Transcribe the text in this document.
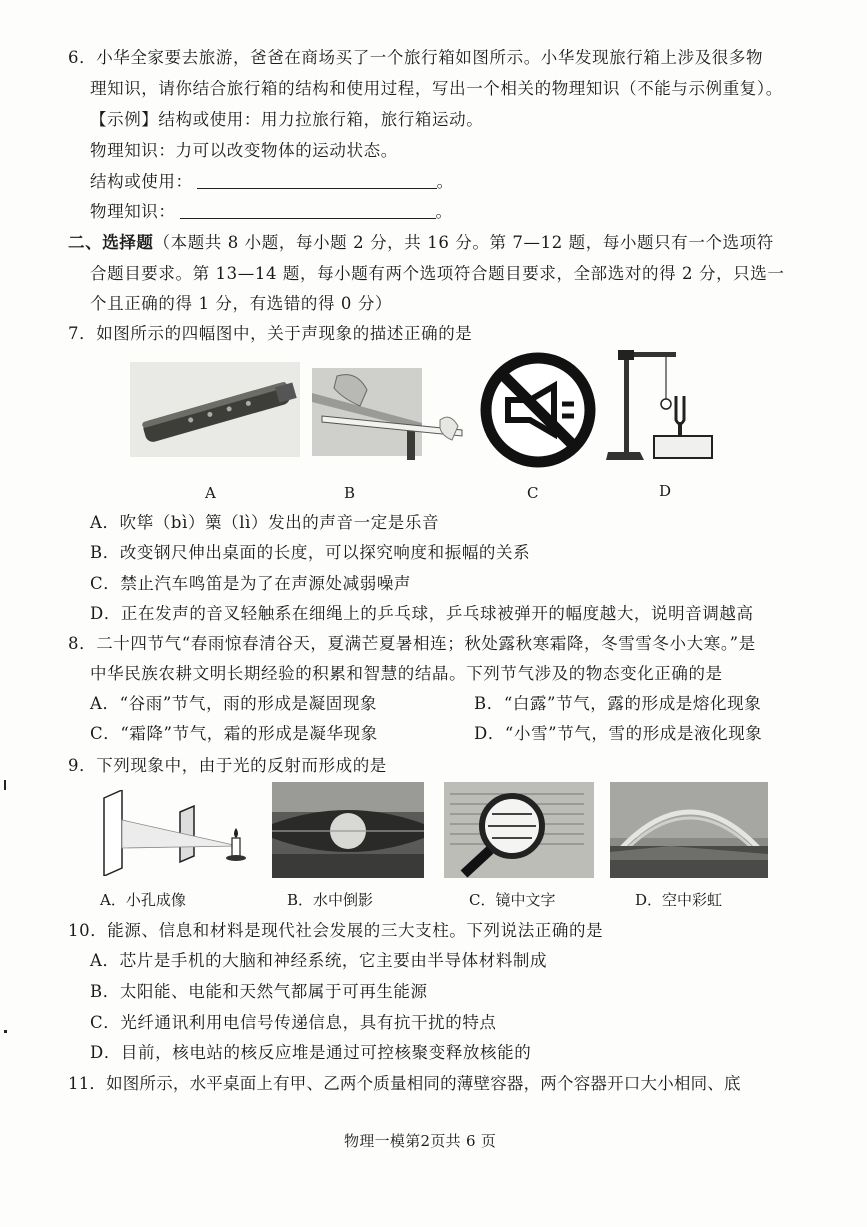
6．小华全家要去旅游，爸爸在商场买了一个旅行箱如图所示。小华发现旅行箱上涉及很多物
理知识，请你结合旅行箱的结构和使用过程，写出一个相关的物理知识（不能与示例重复）。
【示例】结构或使用：用力拉旅行箱，旅行箱运动。
物理知识：力可以改变物体的运动状态。
结构或使用：	。
物理知识：	。
二、选择题（本题共 8 小题，每小题 2 分，共 16 分。第 7—12 题，每小题只有一个选项符
合题目要求。第 13—14 题，每小题有两个选项符合题目要求，全部选对的得 2 分，只选一
个且正确的得 1 分，有选错的得 0 分）
7．如图所示的四幅图中，关于声现象的描述正确的是
A	B	C	D
A．吹筚（bì）篥（lì）发出的声音一定是乐音
B．改变钢尺伸出桌面的长度，可以探究响度和振幅的关系
C．禁止汽车鸣笛是为了在声源处减弱噪声
D．正在发声的音叉轻触系在细绳上的乒乓球，乒乓球被弹开的幅度越大，说明音调越高
8．二十四节气“春雨惊春清谷天，夏满芒夏暑相连；秋处露秋寒霜降，冬雪雪冬小大寒。”是
中华民族农耕文明长期经验的积累和智慧的结晶。下列节气涉及的物态变化正确的是
A．“谷雨”节气，雨的形成是凝固现象	B．“白露”节气，露的形成是熔化现象
C．“霜降”节气，霜的形成是凝华现象	D．“小雪”节气，雪的形成是液化现象
9．下列现象中，由于光的反射而形成的是
A．小孔成像	B．水中倒影	C．镜中文字	D．空中彩虹
10．能源、信息和材料是现代社会发展的三大支柱。下列说法正确的是
A．芯片是手机的大脑和神经系统，它主要由半导体材料制成
B．太阳能、电能和天然气都属于可再生能源
C．光纤通讯利用电信号传递信息，具有抗干扰的特点
D．目前，核电站的核反应堆是通过可控核聚变释放核能的
11．如图所示，水平桌面上有甲、乙两个质量相同的薄壁容器，两个容器开口大小相同、底
物理一模第2页共 6 页
